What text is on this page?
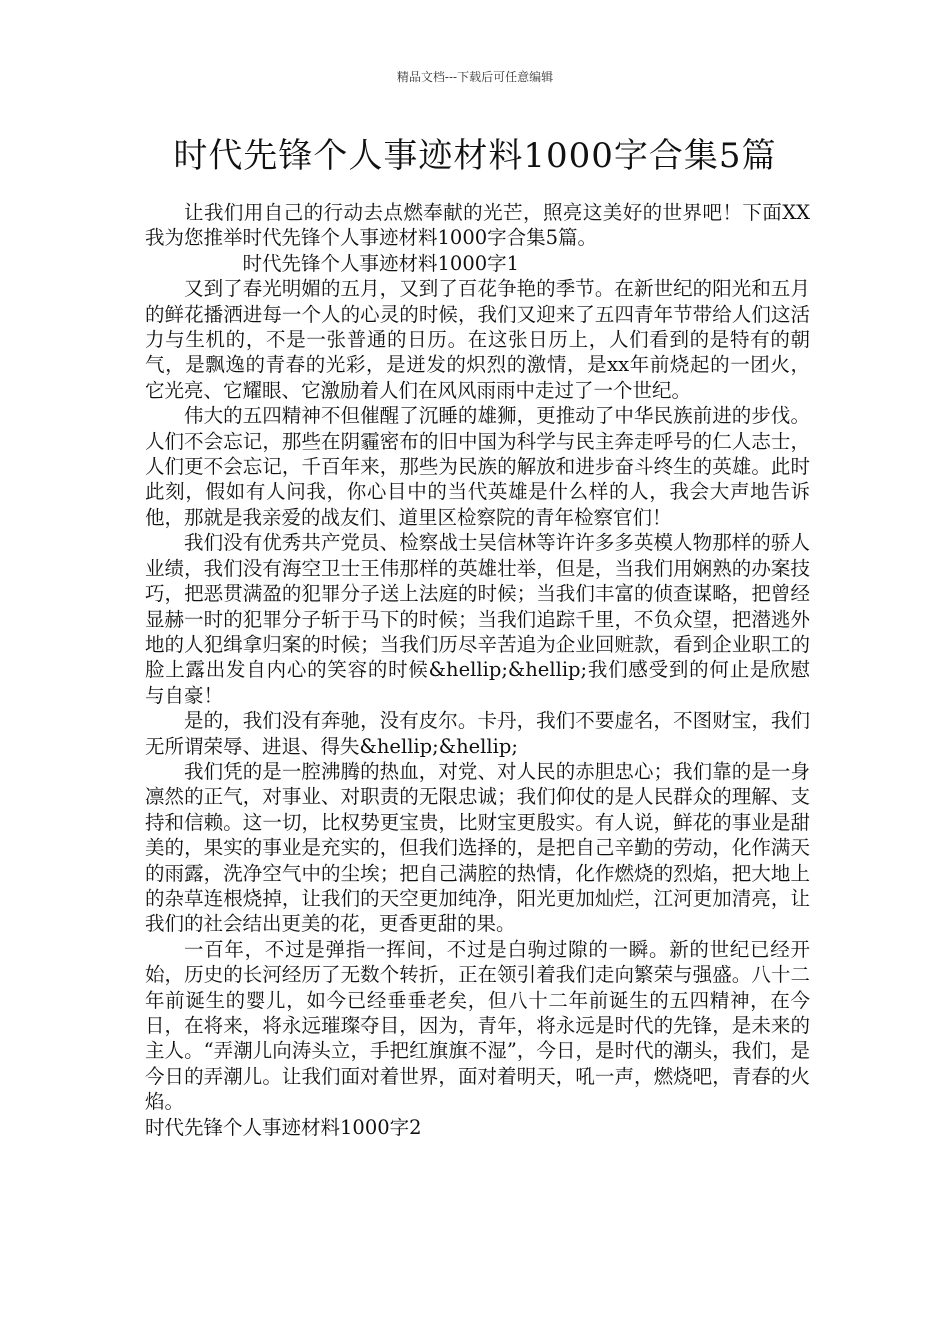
精品文档---下载后可任意编辑
时代先锋个人事迹材料1000字合集5篇

让我们用自己的行动去点燃奉献的光芒，照亮这美好的世界吧！下面XX我为您推举时代先锋个人事迹材料1000字合集5篇。

时代先锋个人事迹材料1000字1

又到了春光明媚的五月，又到了百花争艳的季节。在新世纪的阳光和五月的鲜花播洒进每一个人的心灵的时候，我们又迎来了五四青年节带给人们这活力与生机的，不是一张普通的日历。在这张日历上，人们看到的是特有的朝气，是飘逸的青春的光彩，是迸发的炽烈的激情，是xx年前烧起的一团火，它光亮、它耀眼、它激励着人们在风风雨雨中走过了一个世纪。

伟大的五四精神不但催醒了沉睡的雄狮，更推动了中华民族前进的步伐。人们不会忘记，那些在阴霾密布的旧中国为科学与民主奔走呼号的仁人志士，人们更不会忘记，千百年来，那些为民族的解放和进步奋斗终生的英雄。此时此刻，假如有人问我，你心目中的当代英雄是什么样的人，我会大声地告诉他，那就是我亲爱的战友们、道里区检察院的青年检察官们！

我们没有优秀共产党员、检察战士吴信林等许许多多英模人物那样的骄人业绩，我们没有海空卫士王伟那样的英雄壮举，但是，当我们用娴熟的办案技巧，把恶贯满盈的犯罪分子送上法庭的时候；当我们丰富的侦查谋略，把曾经显赫一时的犯罪分子斩于马下的时候；当我们追踪千里，不负众望，把潜逃外地的人犯缉拿归案的时候；当我们历尽辛苦追为企业回赃款，看到企业职工的脸上露出发自内心的笑容的时候&hellip;&hellip;我们感受到的何止是欣慰与自豪！

是的，我们没有奔驰，没有皮尔。卡丹，我们不要虚名，不图财宝，我们无所谓荣辱、进退、得失&hellip;&hellip;

我们凭的是一腔沸腾的热血，对党、对人民的赤胆忠心；我们靠的是一身凛然的正气，对事业、对职责的无限忠诚；我们仰仗的是人民群众的理解、支持和信赖。这一切，比权势更宝贵，比财宝更殷实。有人说，鲜花的事业是甜美的，果实的事业是充实的，但我们选择的，是把自己辛勤的劳动，化作满天的雨露，洗净空气中的尘埃；把自己满腔的热情，化作燃烧的烈焰，把大地上的杂草连根烧掉，让我们的天空更加纯净，阳光更加灿烂，江河更加清亮，让我们的社会结出更美的花，更香更甜的果。

一百年，不过是弹指一挥间，不过是白驹过隙的一瞬。新的世纪已经开始，历史的长河经历了无数个转折，正在领引着我们走向繁荣与强盛。八十二年前诞生的婴儿，如今已经垂垂老矣，但八十二年前诞生的五四精神，在今日，在将来，将永远璀璨夺目，因为，青年，将永远是时代的先锋，是未来的主人。“弄潮儿向涛头立，手把红旗旗不湿”，今日，是时代的潮头，我们，是今日的弄潮儿。让我们面对着世界，面对着明天，吼一声，燃烧吧，青春的火焰。

时代先锋个人事迹材料1000字2
